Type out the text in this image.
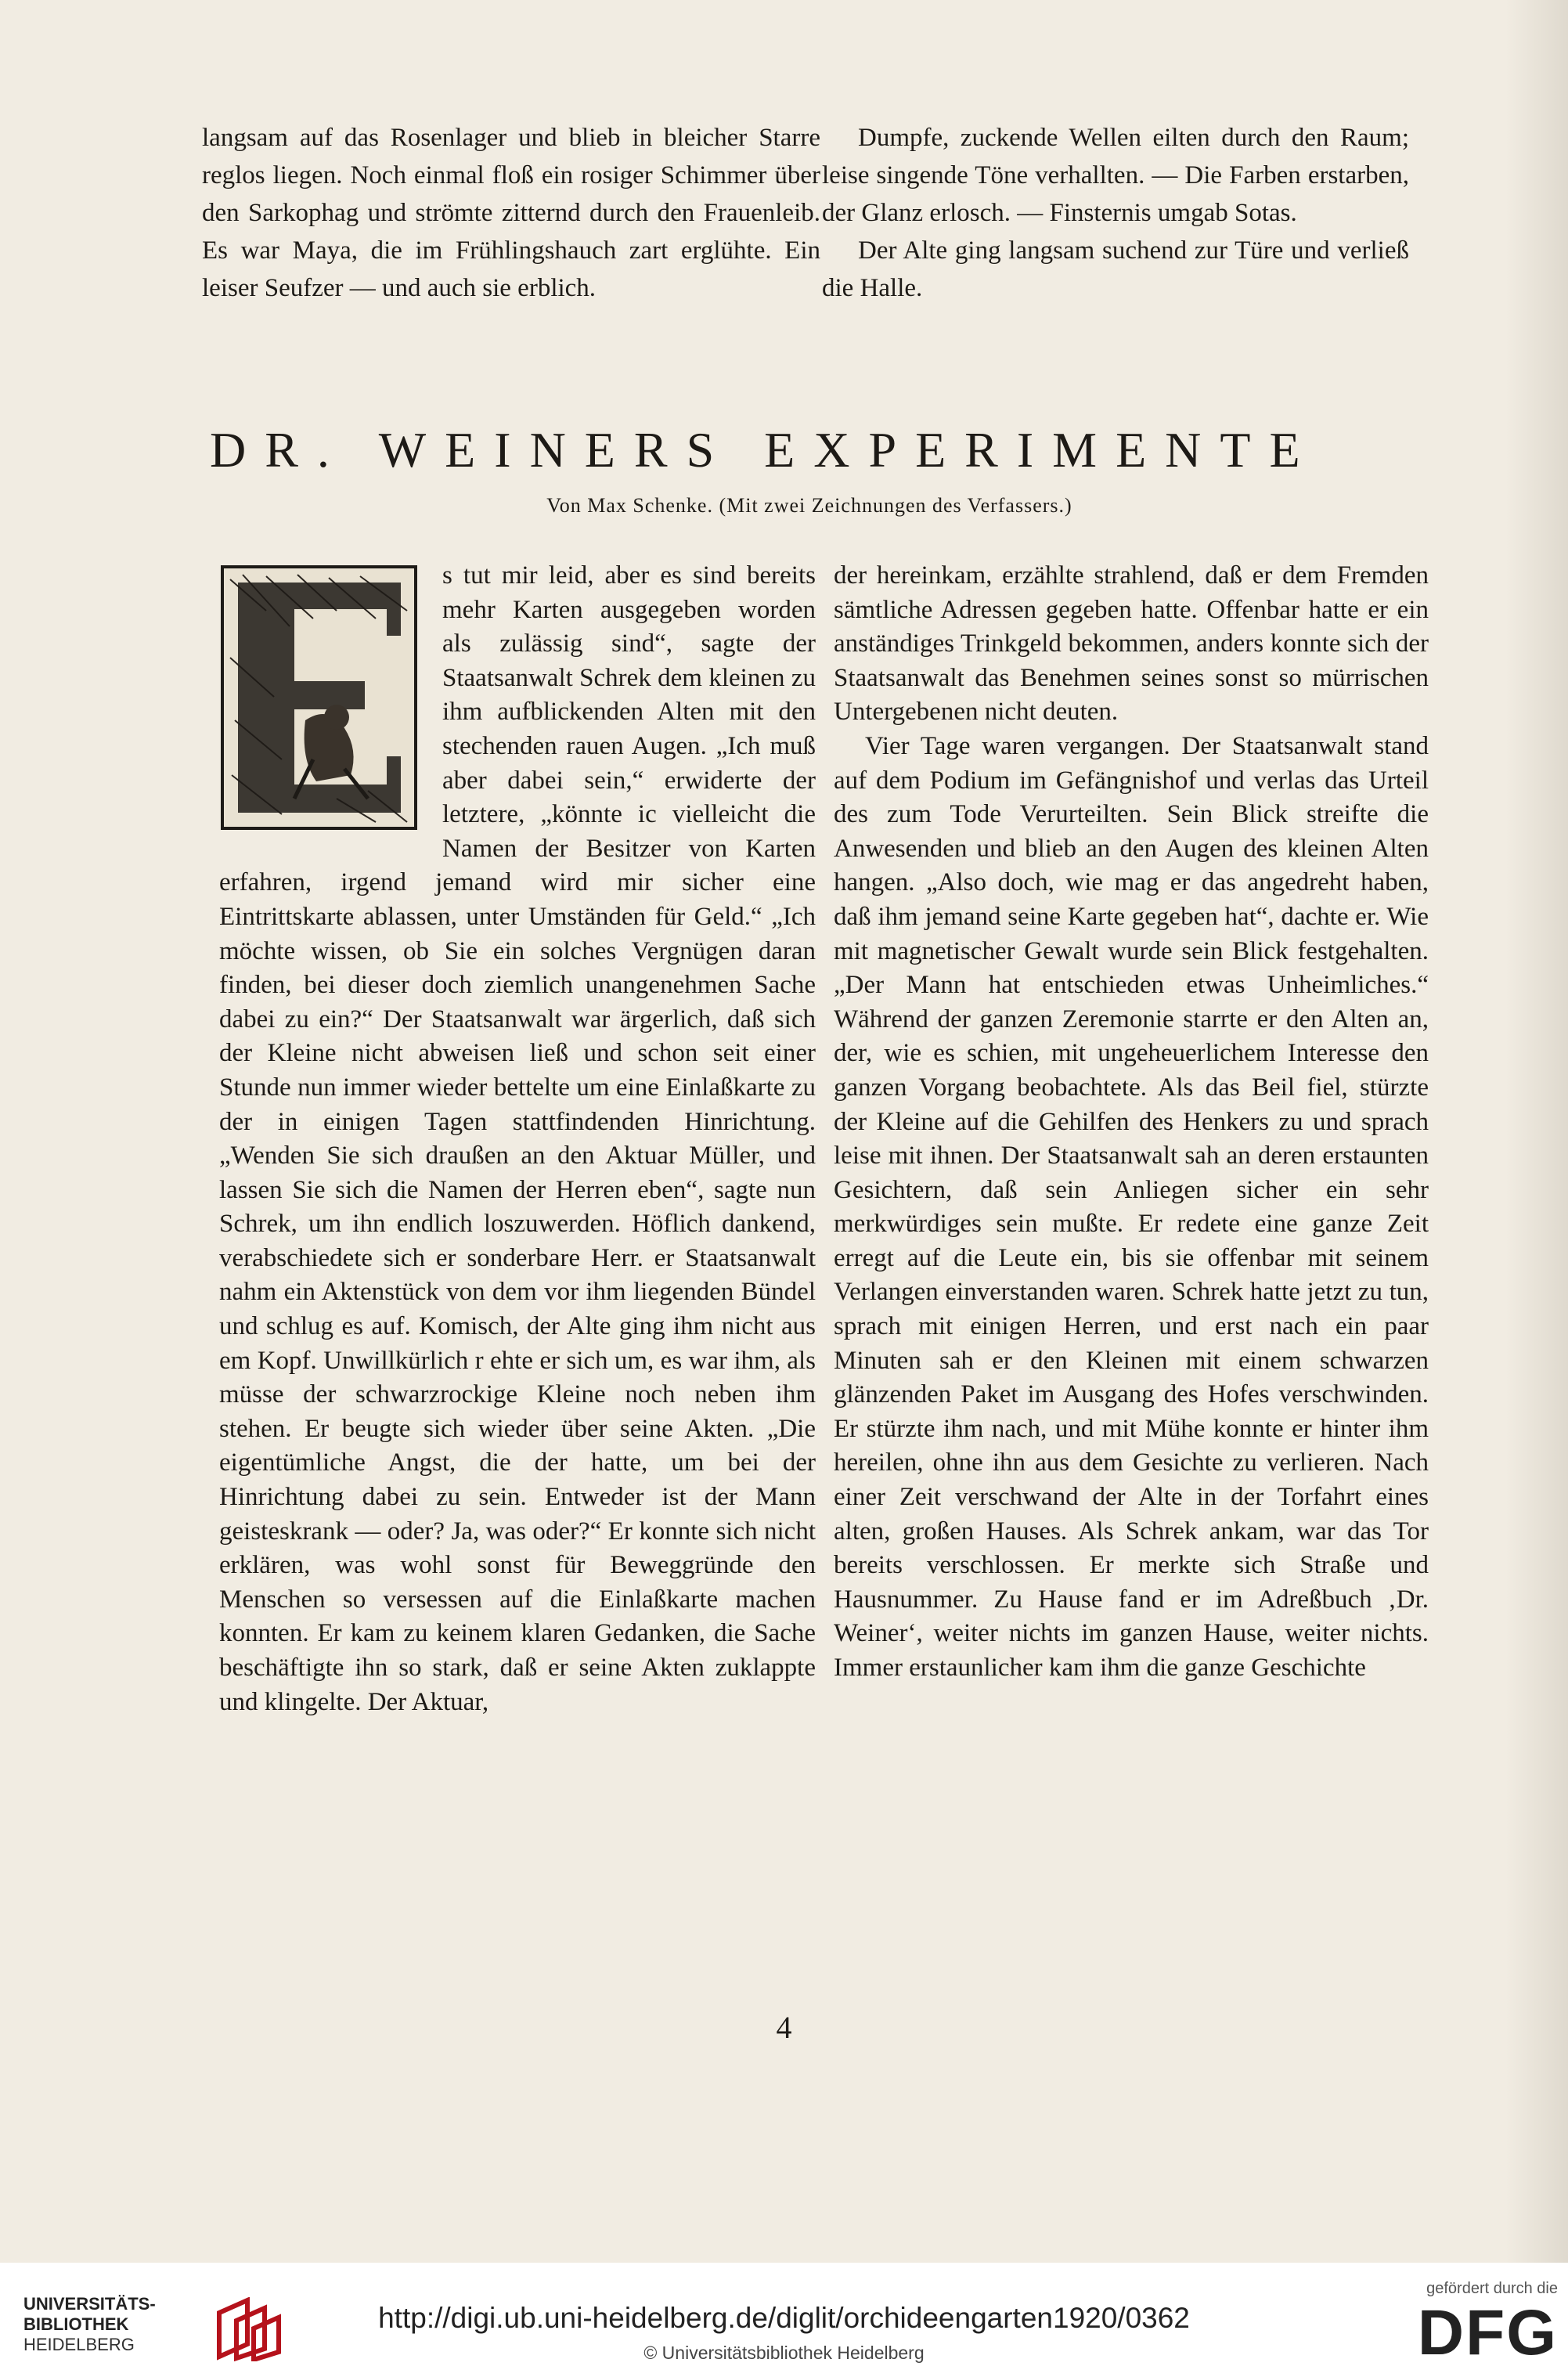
langsam auf das Rosenlager und blieb in bleicher Starre reglos liegen. Noch einmal floß ein rosiger Schimmer über den Sarkophag und strömte zitternd durch den Frauenleib. Es war Maya, die im Frühlingshauch zart erglühte. Ein leiser Seufzer — und auch sie erblich.

Dumpfe, zuckende Wellen eilten durch den Raum; leise singende Töne verhallten. — Die Farben erstarben, der Glanz erlosch. — Finsternis umgab Sotas.

Der Alte ging langsam suchend zur Türe und verließ die Halle.

DR. WEINERS EXPERIMENTE
Von Max Schenke. (Mit zwei Zeichnungen des Verfassers.)

s tut mir leid, aber es sind bereits mehr Karten ausgegeben worden als zulässig sind“, sagte der Staatsanwalt Schrek dem kleinen zu ihm aufblickenden Alten mit den stechenden rauen Augen. „Ich muß aber dabei sein,“ erwiderte der letztere, „könnte ic vielleicht die Namen der Besitzer von Karten erfahren, irgend jemand wird mir sicher eine Eintrittskarte ablassen, unter Umständen für Geld.“ „Ich möchte wissen, ob Sie ein solches Vergnügen daran finden, bei dieser doch ziemlich unangenehmen Sache dabei zu ein?“ Der Staatsanwalt war ärgerlich, daß sich der Kleine nicht abweisen ließ und schon seit einer Stunde nun immer wieder bettelte um eine Einlaßkarte zu der in einigen Tagen stattfindenden Hinrichtung. „Wenden Sie sich draußen an den Aktuar Müller, und lassen Sie sich die Namen der Herren eben“, sagte nun Schrek, um ihn endlich loszuwerden. Höflich dankend, verabschiedete sich er sonderbare Herr. er Staatsanwalt nahm ein Aktenstück von dem vor ihm liegenden Bündel und schlug es auf. Komisch, der Alte ging ihm nicht aus em Kopf. Unwillkürlich r ehte er sich um, es war ihm, als müsse der schwarzrockige Kleine noch neben ihm stehen. Er beugte sich wieder über seine Akten. „Die eigentümliche Angst, die der hatte, um bei der Hinrichtung dabei zu sein. Entweder ist der Mann geisteskrank — oder? Ja, was oder?“ Er konnte sich nicht erklären, was wohl sonst für Beweggründe den Menschen so versessen auf die Einlaßkarte machen konnten. Er kam zu keinem klaren Gedanken, die Sache beschäftigte ihn so stark, daß er seine Akten zuklappte und klingelte. Der Aktuar,

der hereinkam, erzählte strahlend, daß er dem Fremden sämtliche Adressen gegeben hatte. Offenbar hatte er ein anständiges Trinkgeld bekommen, anders konnte sich der Staatsanwalt das Benehmen seines sonst so mürrischen Untergebenen nicht deuten.

Vier Tage waren vergangen. Der Staatsanwalt stand auf dem Podium im Gefängnishof und verlas das Urteil des zum Tode Verurteilten. Sein Blick streifte die Anwesenden und blieb an den Augen des kleinen Alten hangen. „Also doch, wie mag er das angedreht haben, daß ihm jemand seine Karte gegeben hat“, dachte er. Wie mit magnetischer Gewalt wurde sein Blick festgehalten. „Der Mann hat entschieden etwas Unheimliches.“ Während der ganzen Zeremonie starrte er den Alten an, der, wie es schien, mit ungeheuerlichem Interesse den ganzen Vorgang beobachtete. Als das Beil fiel, stürzte der Kleine auf die Gehilfen des Henkers zu und sprach leise mit ihnen. Der Staatsanwalt sah an deren erstaunten Gesichtern, daß sein Anliegen sicher ein sehr merkwürdiges sein mußte. Er redete eine ganze Zeit erregt auf die Leute ein, bis sie offenbar mit seinem Verlangen einverstanden waren. Schrek hatte jetzt zu tun, sprach mit einigen Herren, und erst nach ein paar Minuten sah er den Kleinen mit einem schwarzen glänzenden Paket im Ausgang des Hofes verschwinden. Er stürzte ihm nach, und mit Mühe konnte er hinter ihm hereilen, ohne ihn aus dem Gesichte zu verlieren. Nach einer Zeit verschwand der Alte in der Torfahrt eines alten, großen Hauses. Als Schrek ankam, war das Tor bereits verschlossen. Er merkte sich Straße und Hausnummer. Zu Hause fand er im Adreßbuch ‚Dr. Weiner‘, weiter nichts im ganzen Hause, weiter nichts. Immer erstaunlicher kam ihm die ganze Geschichte

4
UNIVERSITÄTS-
BIBLIOTHEK
HEIDELBERG
http://digi.ub.uni-heidelberg.de/diglit/orchideengarten1920/0362
© Universitätsbibliothek Heidelberg
gefördert durch die
DFG
